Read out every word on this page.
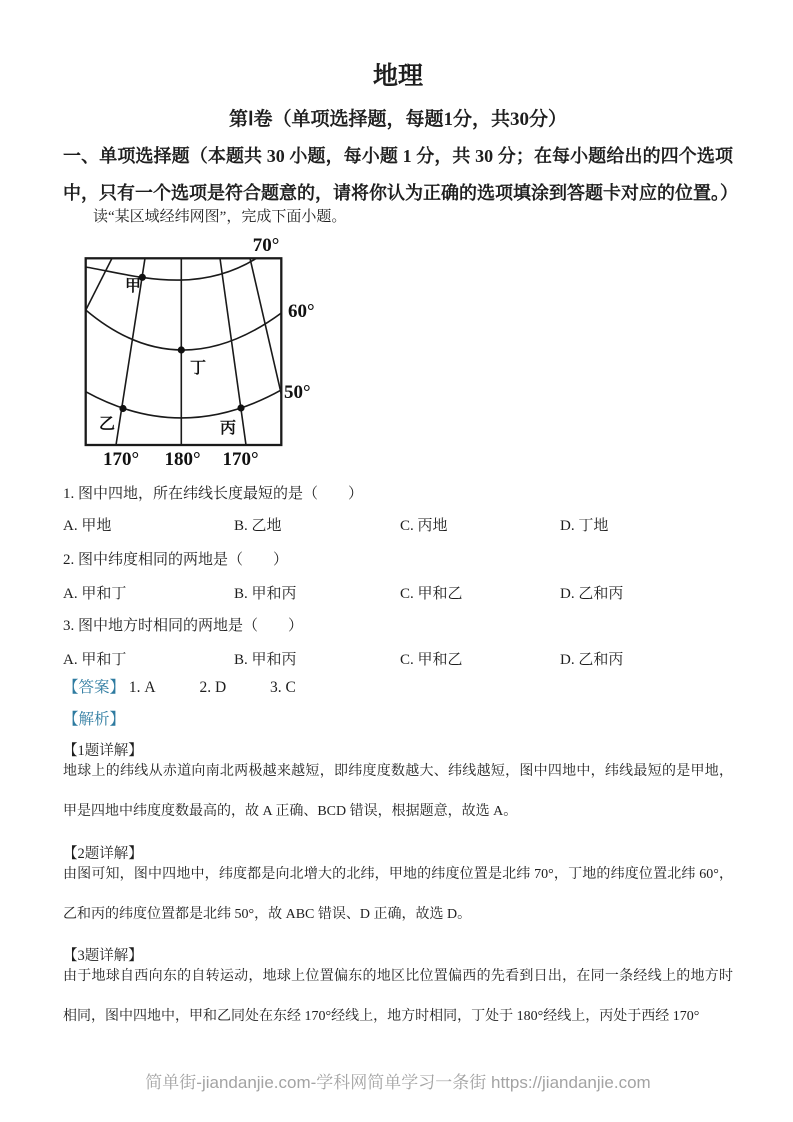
地理
第Ⅰ卷（单项选择题，每题1分，共30分）
一、单项选择题（本题共 30 小题，每小题 1 分，共 30 分；在每小题给出的四个选项中，只有一个选项是符合题意的，请将你认为正确的选项填涂到答题卡对应的位置。）
读“某区域经纬网图”，完成下面小题。
甲
丁
乙	丙
70°
60°
50°
170° 180° 170°
1. 图中四地，所在纬线长度最短的是（　　）
A. 甲地	B. 乙地	C. 丙地	D. 丁地
2. 图中纬度相同的两地是（　　）
A. 甲和丁	B. 甲和丙	C. 甲和乙	D. 乙和丙
3. 图中地方时相同的两地是（　　）
A. 甲和丁	B. 甲和丙	C. 甲和乙	D. 乙和丙
【答案】 1. A	2. D	3. C
【解析】
【1题详解】
地球上的纬线从赤道向南北两极越来越短，即纬度度数越大、纬线越短，图中四地中，纬线最短的是甲地，甲是四地中纬度度数最高的，故 A 正确、BCD 错误，根据题意，故选 A。
【2题详解】
由图可知，图中四地中，纬度都是向北增大的北纬，甲地的纬度位置是北纬 70°，丁地的纬度位置北纬 60°，乙和丙的纬度位置都是北纬 50°，故 ABC 错误、D 正确，故选 D。
【3题详解】
由于地球自西向东的自转运动，地球上位置偏东的地区比位置偏西的先看到日出，在同一条经线上的地方时相同，图中四地中，甲和乙同处在东经 170°经线上，地方时相同，丁处于 180°经线上，丙处于西经 170°
简单街-jiandanjie.com-学科网简单学习一条街 https://jiandanjie.com
